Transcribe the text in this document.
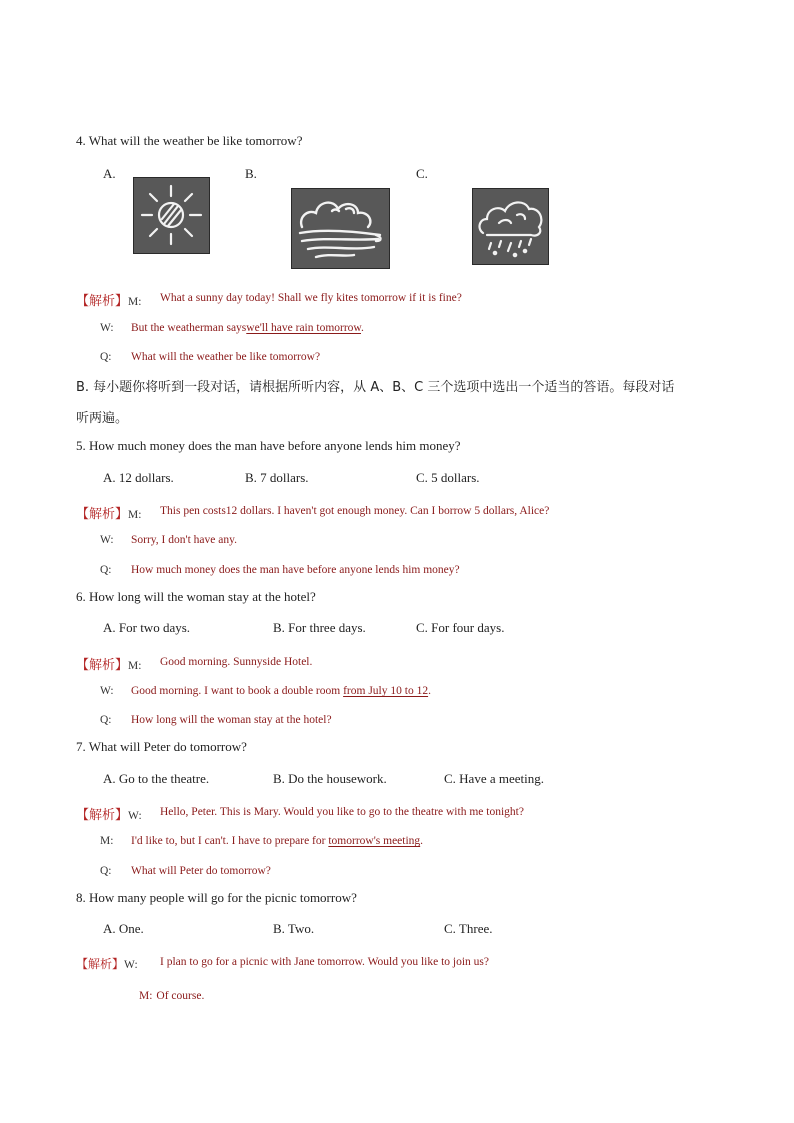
4. What will the weather be like tomorrow?
A.	B.	C.
【解析】M: What a sunny day today! Shall we fly kites tomorrow if it is fine?
W: But the weatherman sayswe'll have rain tomorrow.
Q: What will the weather be like tomorrow?
B. 每小题你将听到一段对话，请根据所听内容，从 A、B、C 三个选项中选出一个适当的答语。每段对话
听两遍。
5. How much money does the man have before anyone lends him money?
A. 12 dollars.	B. 7 dollars.	C. 5 dollars.
【解析】M: This pen costs12 dollars. I haven't got enough money. Can I borrow 5 dollars, Alice?
W: Sorry, I don't have any.
Q: How much money does the man have before anyone lends him money?
6. How long will the woman stay at the hotel?
A. For two days.	B. For three days.	C. For four days.
【解析】M: Good morning. Sunnyside Hotel.
W: Good morning. I want to book a double room from July 10 to 12.
Q: How long will the woman stay at the hotel?
7. What will Peter do tomorrow?
A. Go to the theatre.	B. Do the housework.	C. Have a meeting.
【解析】W: Hello, Peter. This is Mary. Would you like to go to the theatre with me tonight?
M: I'd like to, but I can't. I have to prepare for tomorrow's meeting.
Q: What will Peter do tomorrow?
8. How many people will go for the picnic tomorrow?
A. One.	B. Two.	C. Three.
【解析】W: I plan to go for a picnic with Jane tomorrow. Would you like to join us?
M: Of course.
